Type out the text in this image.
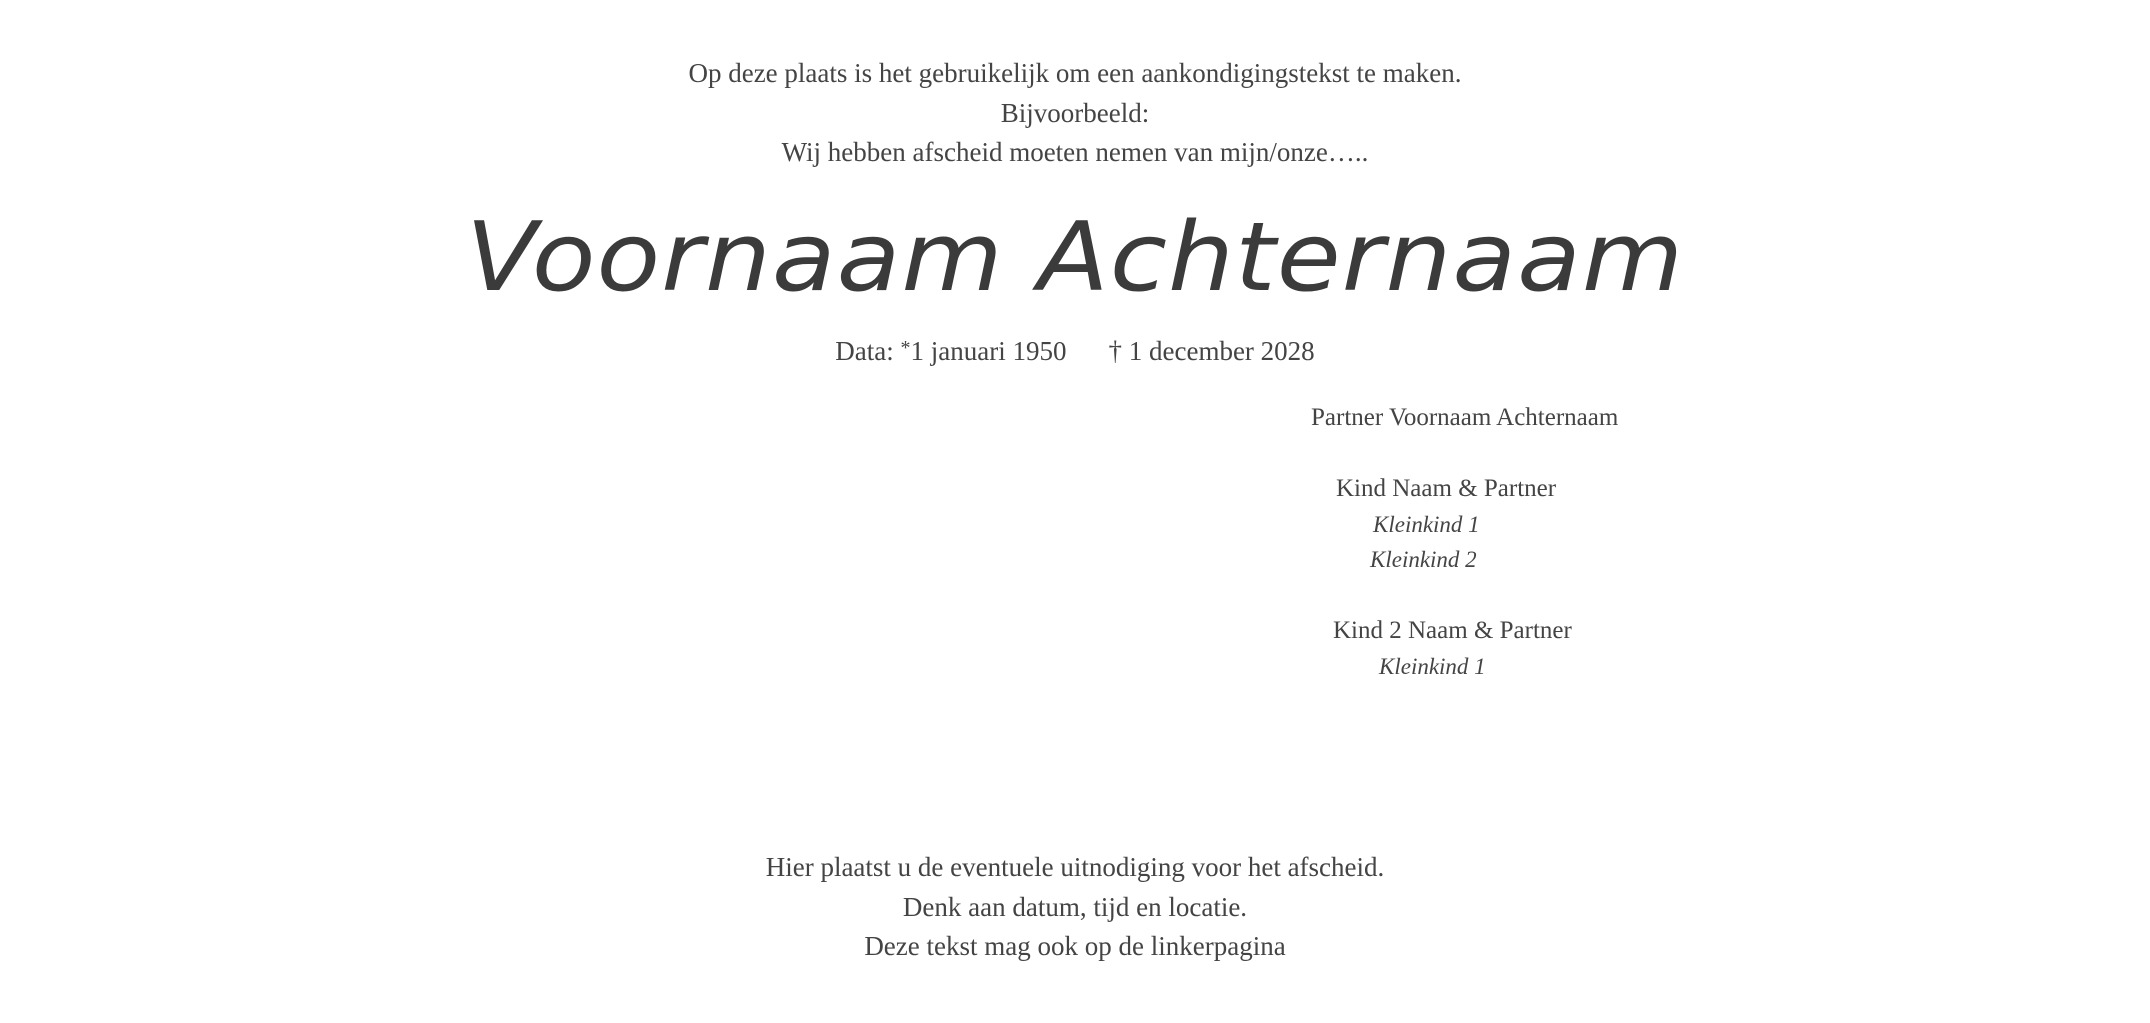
Op deze plaats is het gebruikelijk om een aankondigingstekst te maken.
Bijvoorbeeld:
Wij hebben afscheid moeten nemen van mijn/onze…..
Voornaam Achternaam
Data: *1 januari 1950 † 1 december 2028
Partner Voornaam Achternaam
Kind Naam & Partner
Kleinkind 1
Kleinkind 2
Kind 2 Naam & Partner
Kleinkind 1
Hier plaatst u de eventuele uitnodiging voor het afscheid.
Denk aan datum, tijd en locatie.
Deze tekst mag ook op de linkerpagina
